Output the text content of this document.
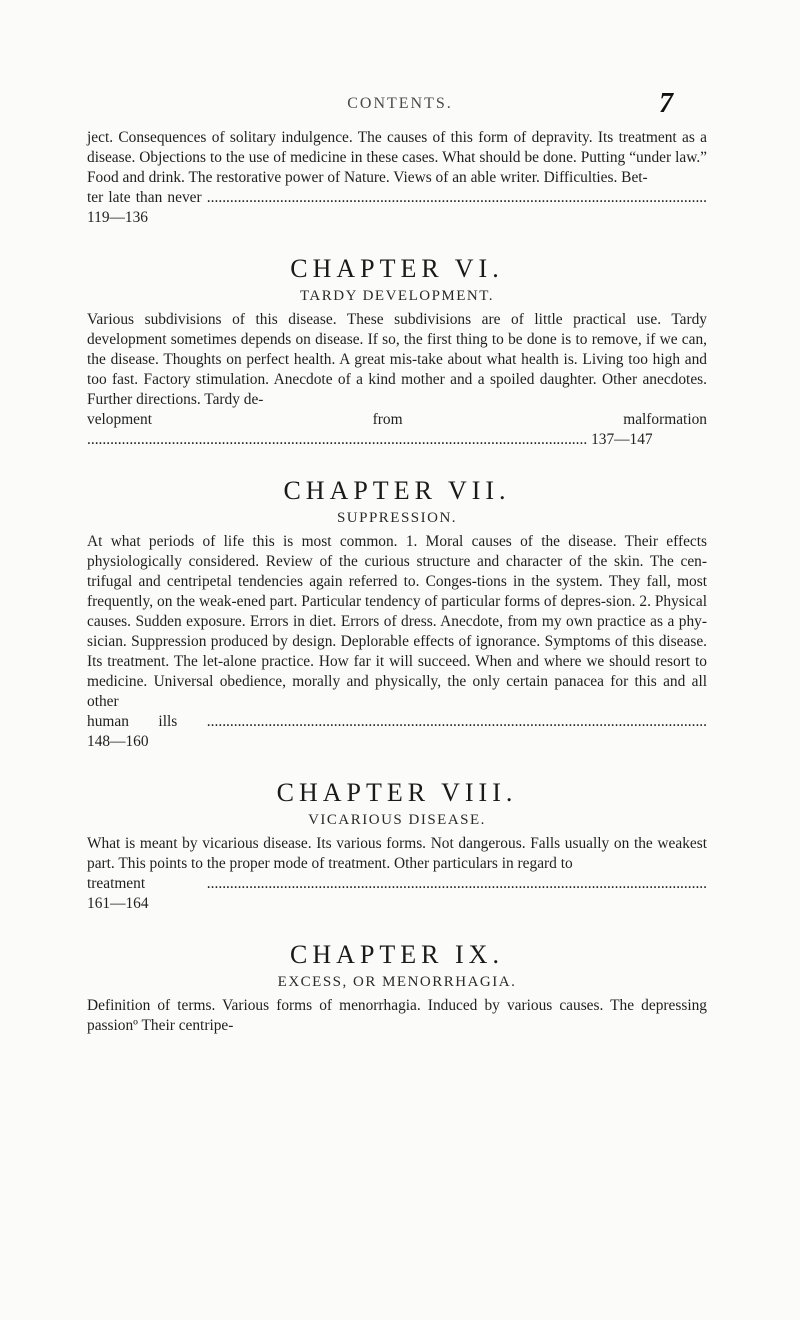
CONTENTS.	7

ject. Consequences of solitary indulgence. The causes of this form of depravity. Its treatment as a disease. Objections to the use of medicine in these cases. What should be done. Putting “under law.” Food and drink. The restorative power of Nature. Views of an able writer. Difficulties. Bet-

ter late than never .................................................................................................................................. 119—136
CHAPTER VI.
TARDY DEVELOPMENT.

Various subdivisions of this disease. These subdivisions are of little practical use. Tardy development sometimes depends on disease. If so, the first thing to be done is to remove, if we can, the disease. Thoughts on perfect health. A great mis-take about what health is. Living too high and too fast. Factory stimulation. Anecdote of a kind mother and a spoiled daughter. Other anecdotes. Further directions. Tardy de-

velopment from malformation .................................................................................................................................. 137—147
CHAPTER VII.
SUPPRESSION.

At what periods of life this is most common. 1. Moral causes of the disease. Their effects physiologically considered. Review of the curious structure and character of the skin. The cen-trifugal and centripetal tendencies again referred to. Conges-tions in the system. They fall, most frequently, on the weak-ened part. Particular tendency of particular forms of depres-sion. 2. Physical causes. Sudden exposure. Errors in diet. Errors of dress. Anecdote, from my own practice as a phy-sician. Suppression produced by design. Deplorable effects of ignorance. Symptoms of this disease. Its treatment. The let-alone practice. How far it will succeed. When and where we should resort to medicine. Universal obedience, morally and physically, the only certain panacea for this and all other

human ills .................................................................................................................................. 148—160
CHAPTER VIII.
VICARIOUS DISEASE.

What is meant by vicarious disease. Its various forms. Not dangerous. Falls usually on the weakest part. This points to the proper mode of treatment. Other particulars in regard to

treatment	.................................................................................................................................. 161—164
CHAPTER IX.
EXCESS, OR MENORRHAGIA.

Definition of terms. Various forms of menorrhagia. Induced by various causes. The depressing passionº Their centripe-
